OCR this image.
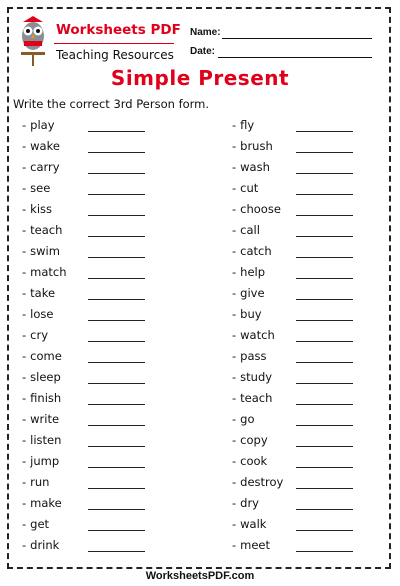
Worksheets PDF
Teaching Resources
Name:
Date:
Simple Present
Write the correct 3rd Person form.
- play
- wake
- carry
- see
- kiss
- teach
- swim
- match
- take
- lose
- cry
- come
- sleep
- finish
- write
- listen
- jump
- run
- make
- get
- drink
- fly
- brush
- wash
- cut
- choose
- call
- catch
- help
- give
- buy
- watch
- pass
- study
- teach
- go
- copy
- cook
- destroy
- dry
- walk
- meet
WorksheetsPDF.com
